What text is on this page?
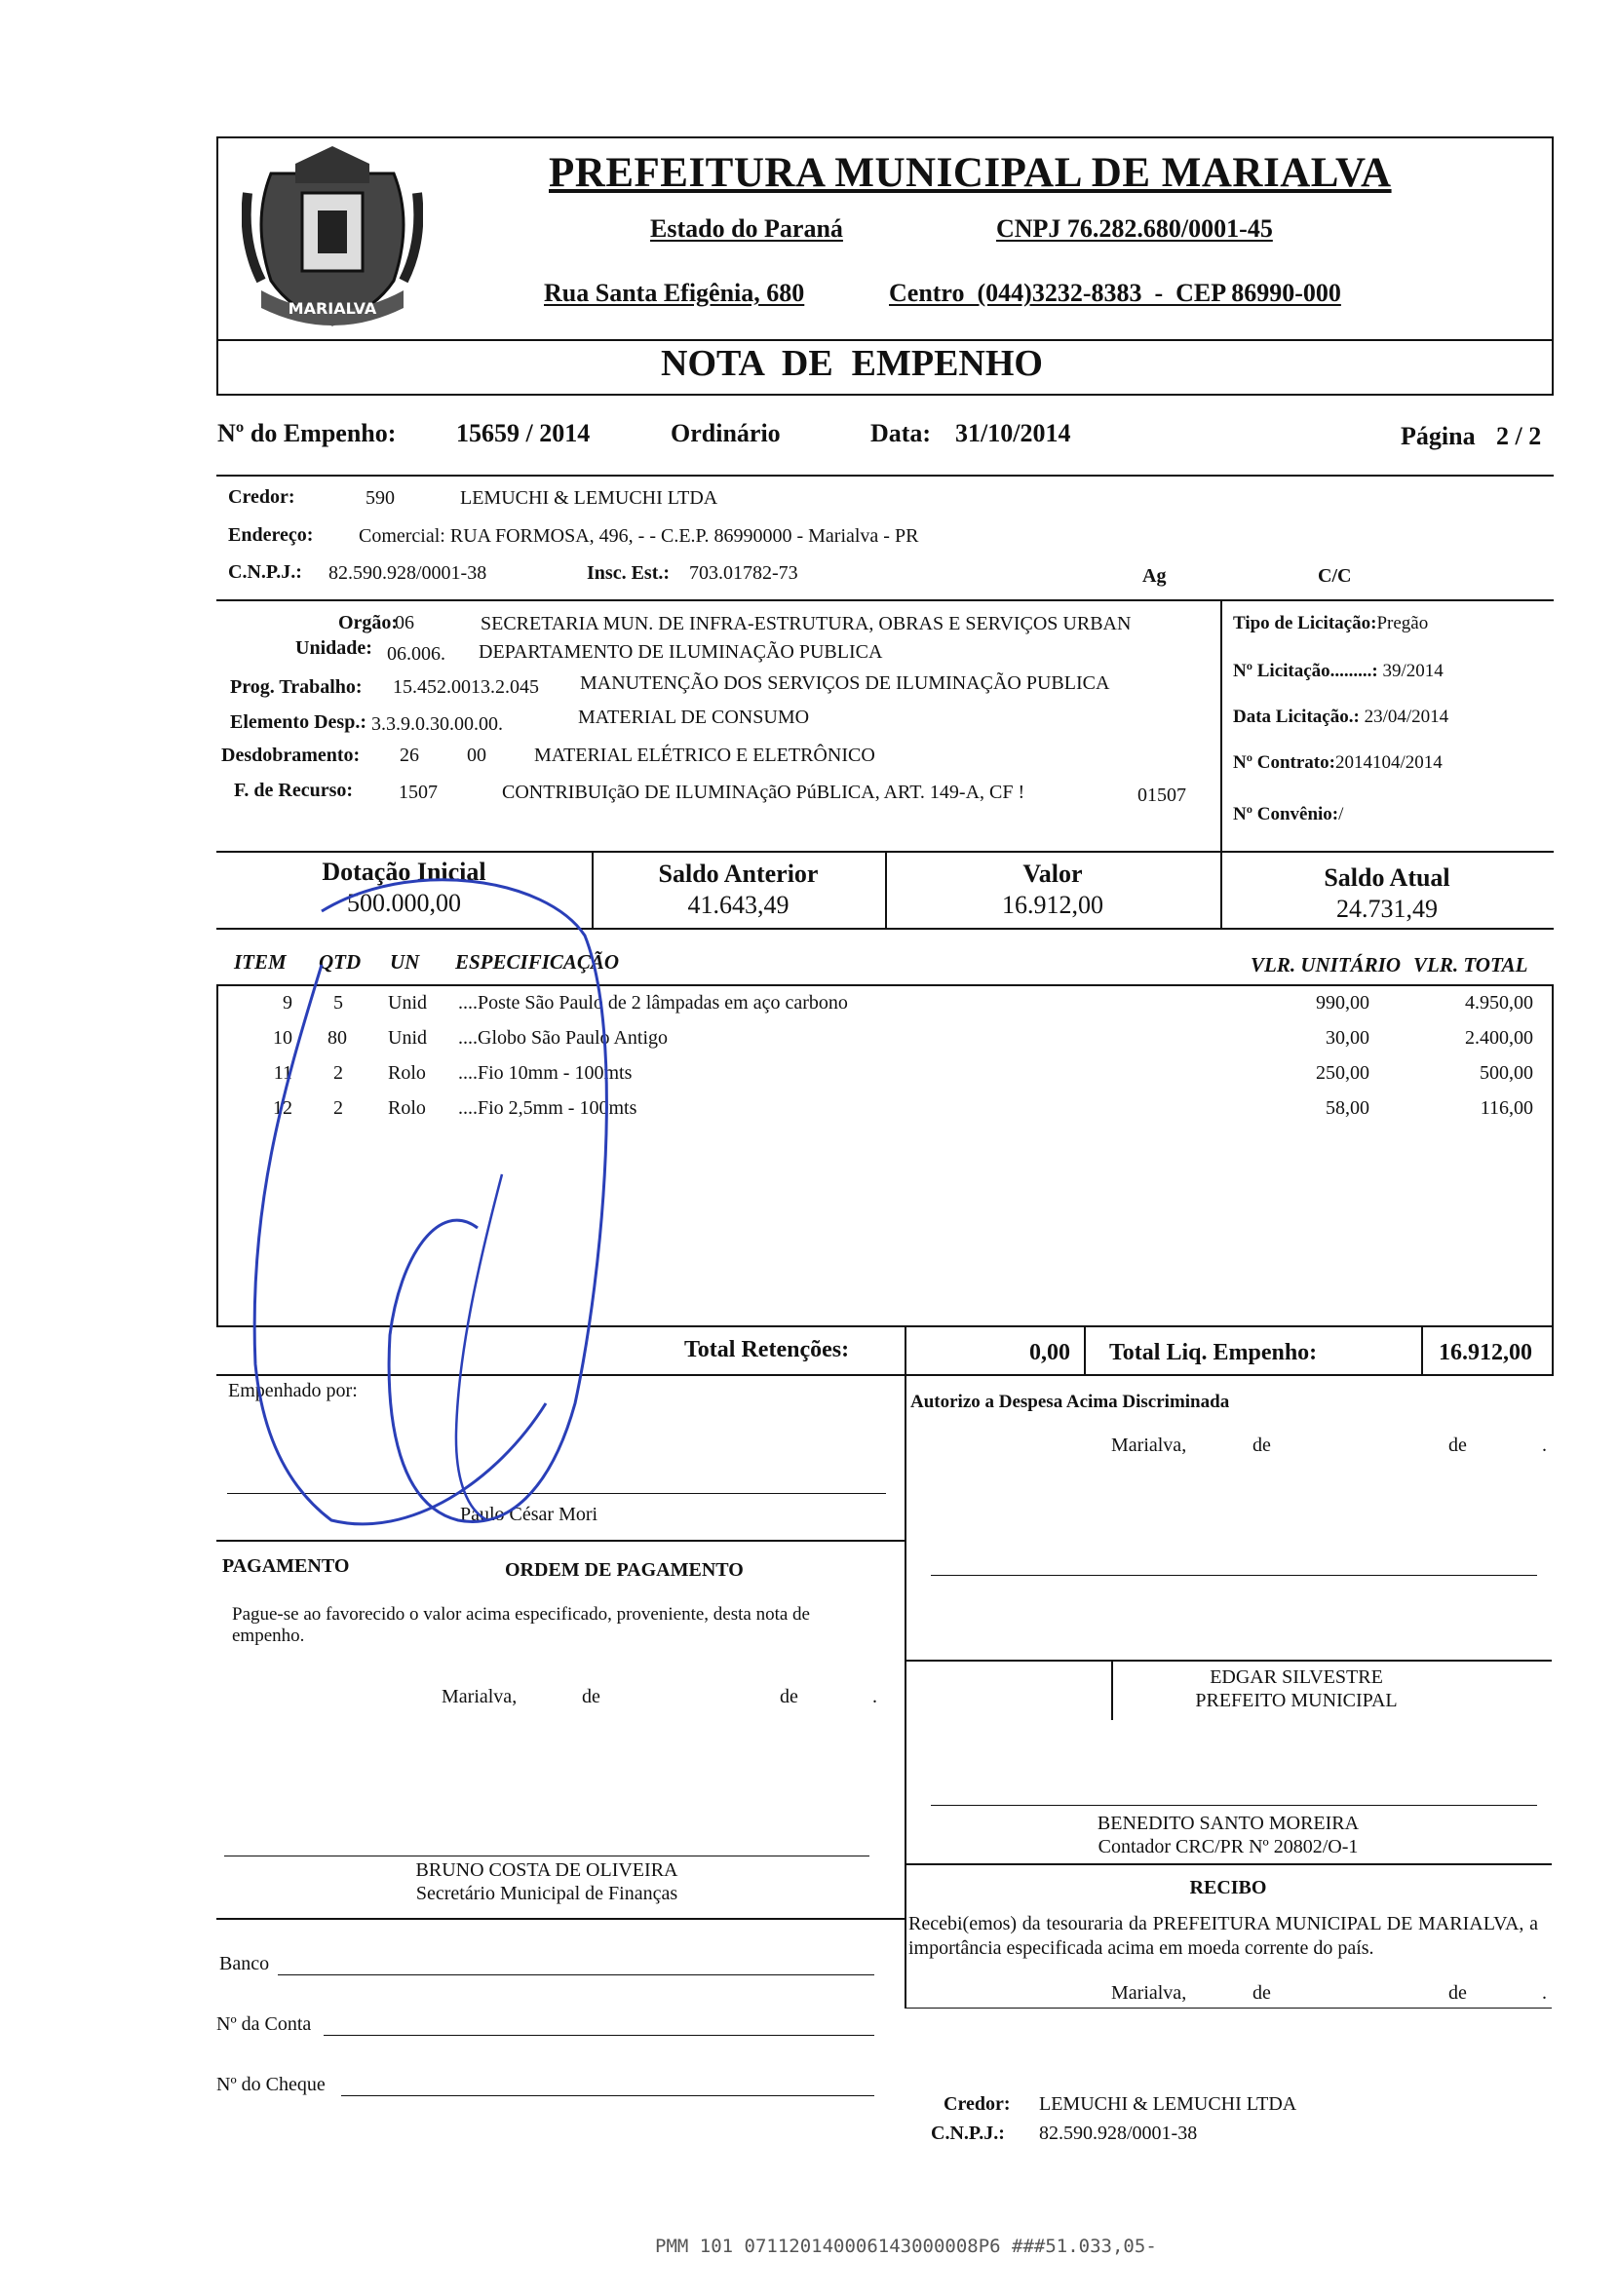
MARIALVA
PREFEITURA MUNICIPAL DE MARIALVA
Estado do Paraná	CNPJ 76.282.680/0001-45
Rua Santa Efigênia, 680	Centro  (044)3232-8383  -  CEP 86990-000
NOTA  DE  EMPENHO
Nº do Empenho: 15659 / 2014	Ordinário	Data: 31/10/2014	Página 2 / 2
Credor:	590	LEMUCHI & LEMUCHI LTDA
Endereço: Comercial: RUA FORMOSA, 496, - - C.E.P. 86990000 - Marialva - PR
C.N.P.J.: 82.590.928/0001-38	Insc. Est.: 703.01782-73	Ag	C/C
Orgão:
06	SECRETARIA MUN. DE INFRA-ESTRUTURA, OBRAS E SERVIÇOS URBAN
Unidade: 06.006. DEPARTAMENTO DE ILUMINAÇÃO PUBLICA
Prog. Trabalho: 15.452.0013.2.045 MANUTENÇÃO DOS SERVIÇOS DE ILUMINAÇÃO PUBLICA
Elemento Desp.: 3.3.9.0.30.00.00.	MATERIAL DE CONSUMO
Desdobramento: 26 00 MATERIAL ELÉTRICO E ELETRÔNICO
F. de Recurso: 1507	CONTRIBUIçãO DE ILUMINAçãO PúBLICA, ART. 149-A, CF !	01507
Tipo de Licitação:Pregão
Nº Licitação.........: 39/2014
Data Licitação.: 23/04/2014
Nº Contrato:2014104/2014
Nº Convênio:/
Dotação Inicial
500.000,00
Saldo Anterior
41.643,49
Valor
16.912,00
Saldo Atual
24.731,49
ITEM QTD UN ESPECIFICAÇÃO	VLR. UNITÁRIO VLR. TOTAL
9	5 Unid ....Poste São Paulo de 2 lâmpadas em aço carbono	990,00	4.950,00
10	80 Unid ....Globo São Paulo Antigo	30,00	2.400,00
11	2 Rolo ....Fio 10mm - 100mts	250,00	500,00
12	2 Rolo ....Fio 2,5mm - 100mts	58,00	116,00
Total Retenções:	0,00 Total Liq. Empenho:	16.912,00
Empenhado por:
Paulo César Mori
Autorizo a Despesa Acima Discriminada
Marialva,	de	de	.
PAGAMENTO	ORDEM DE PAGAMENTO
Pague-se ao favorecido o valor acima especificado, proveniente, desta nota de empenho.
Marialva,	de	de	.
EDGAR SILVESTRE
PREFEITO MUNICIPAL
BENEDITO SANTO MOREIRA
Contador CRC/PR Nº 20802/O-1
RECIBO
Recebi(emos) da tesouraria da PREFEITURA MUNICIPAL DE MARIALVA, a importância especificada acima em moeda corrente do país.
Marialva,	de	de	.
BRUNO COSTA DE OLIVEIRA
Secretário Municipal de Finanças
Banco
Nº da Conta
Nº do Cheque
Credor: LEMUCHI & LEMUCHI LTDA
C.N.P.J.: 82.590.928/0001-38
PMM 101 071120140006143000008P6 ###51.033,05-
